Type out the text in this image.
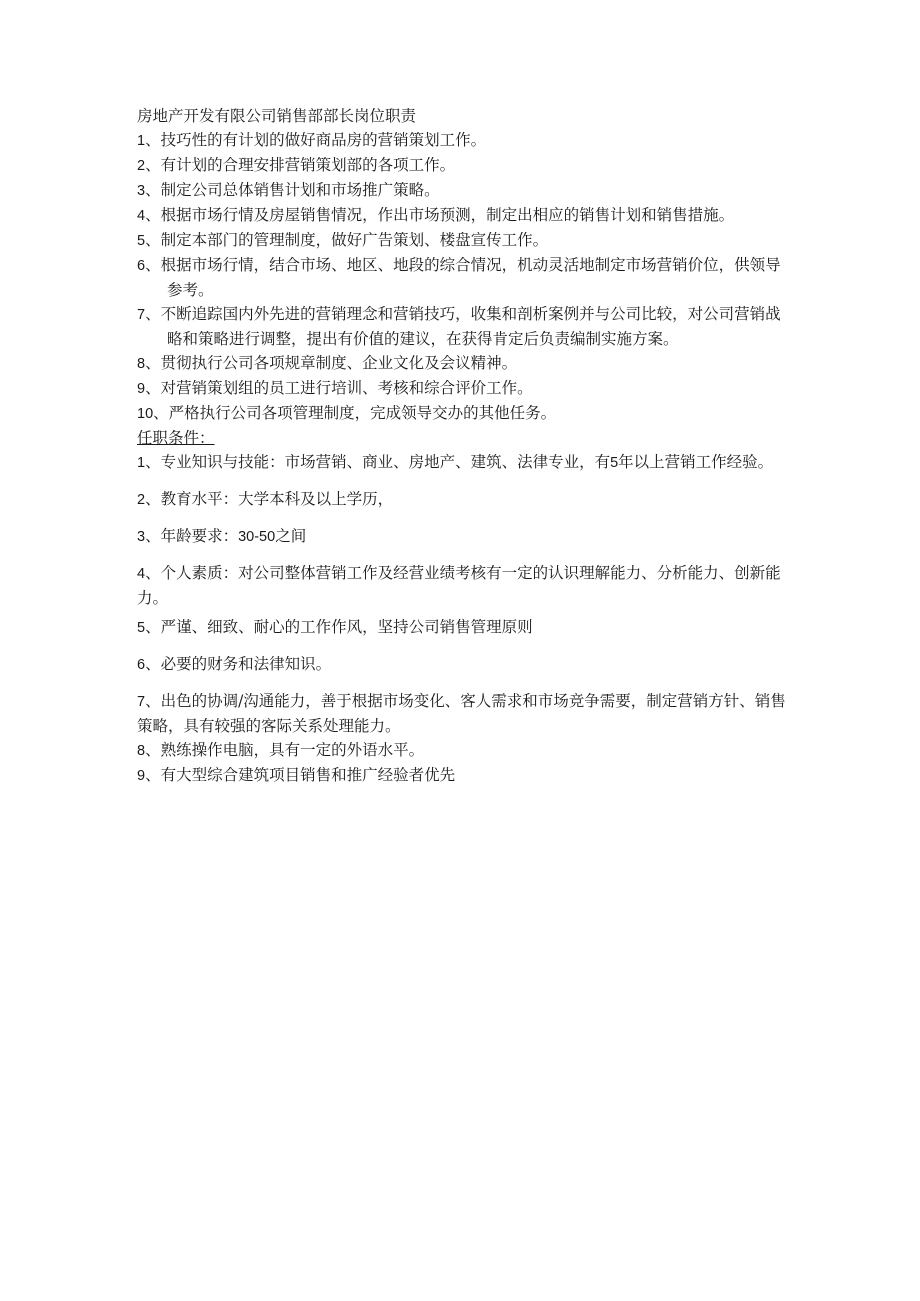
房地产开发有限公司销售部部长岗位职责

1、技巧性的有计划的做好商品房的营销策划工作。

2、有计划的合理安排营销策划部的各项工作。

3、制定公司总体销售计划和市场推广策略。

4、根据市场行情及房屋销售情况，作出市场预测，制定出相应的销售计划和销售措施。

5、制定本部门的管理制度，做好广告策划、楼盘宣传工作。

6、根据市场行情，结合市场、地区、地段的综合情况，机动灵活地制定市场营销价位，供领导参考。

7、不断追踪国内外先进的营销理念和营销技巧，收集和剖析案例并与公司比较，对公司营销战略和策略进行调整，提出有价值的建议，在获得肯定后负责编制实施方案。

8、贯彻执行公司各项规章制度、企业文化及会议精神。

9、对营销策划组的员工进行培训、考核和综合评价工作。

10、严格执行公司各项管理制度，完成领导交办的其他任务。

任职条件：

1、专业知识与技能：市场营销、商业、房地产、建筑、法律专业，有5年以上营销工作经验。

2、教育水平：大学本科及以上学历，

3、年龄要求：30-50之间

4、个人素质：对公司整体营销工作及经营业绩考核有一定的认识理解能力、分析能力、创新能力。

5、严谨、细致、耐心的工作作风，坚持公司销售管理原则

6、必要的财务和法律知识。

7、出色的协调/沟通能力，善于根据市场变化、客人需求和市场竞争需要，制定营销方针、销售策略，具有较强的客际关系处理能力。

8、熟练操作电脑，具有一定的外语水平。

9、有大型综合建筑项目销售和推广经验者优先
